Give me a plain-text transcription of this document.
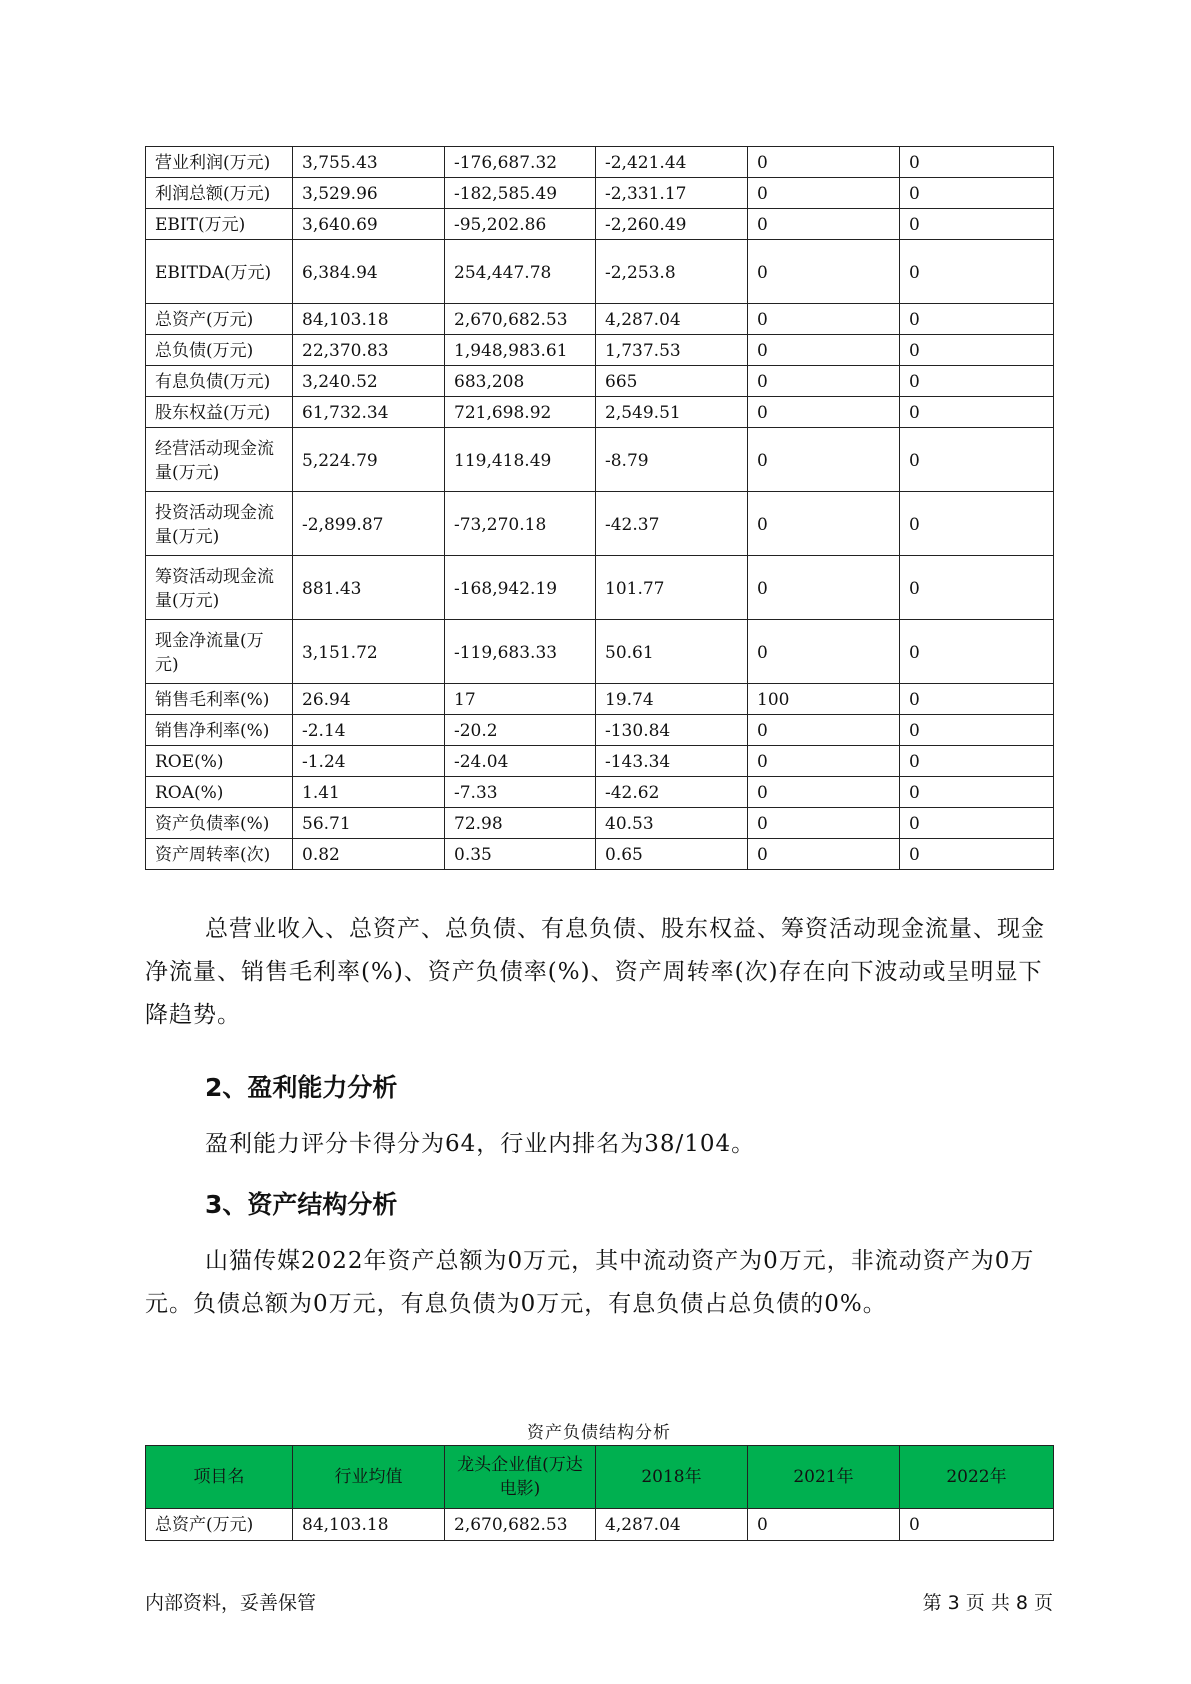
营业利润(万元)	3,755.43	-176,687.32	-2,421.44	0	0
利润总额(万元)	3,529.96	-182,585.49	-2,331.17	0	0
EBIT(万元)	3,640.69	-95,202.86	-2,260.49	0	0
EBITDA(万元)	6,384.94	254,447.78	-2,253.8	0	0
总资产(万元)	84,103.18	2,670,682.53	4,287.04	0	0
总负债(万元)	22,370.83	1,948,983.61	1,737.53	0	0
有息负债(万元)	3,240.52	683,208	665	0	0
股东权益(万元)	61,732.34	721,698.92	2,549.51	0	0
经营活动现金流量(万元)	5,224.79	119,418.49	-8.79	0	0
投资活动现金流量(万元)	-2,899.87	-73,270.18	-42.37	0	0
筹资活动现金流量(万元)	881.43	-168,942.19	101.77	0	0
现金净流量(万元)	3,151.72	-119,683.33	50.61	0	0
销售毛利率(%)	26.94	17	19.74	100	0
销售净利率(%)	-2.14	-20.2	-130.84	0	0
ROE(%)	-1.24	-24.04	-143.34	0	0
ROA(%)	1.41	-7.33	-42.62	0	0
资产负债率(%)	56.71	72.98	40.53	0	0
资产周转率(次)	0.82	0.35	0.65	0	0
总营业收入、总资产、总负债、有息负债、股东权益、筹资活动现金流量、现金净流量、销售毛利率(%)、资产负债率(%)、资产周转率(次)存在向下波动或呈明显下降趋势。
2、盈利能力分析
盈利能力评分卡得分为64，行业内排名为38/104。
3、资产结构分析
山猫传媒2022年资产总额为0万元，其中流动资产为0万元，非流动资产为0万元。负债总额为0万元，有息负债为0万元，有息负债占总负债的0%。
资产负债结构分析
项目名	行业均值	龙头企业值(万达电影)	2018年	2021年	2022年
总资产(万元)	84,103.18	2,670,682.53	4,287.04	0	0
内部资料，妥善保管	第 3 页 共 8 页
